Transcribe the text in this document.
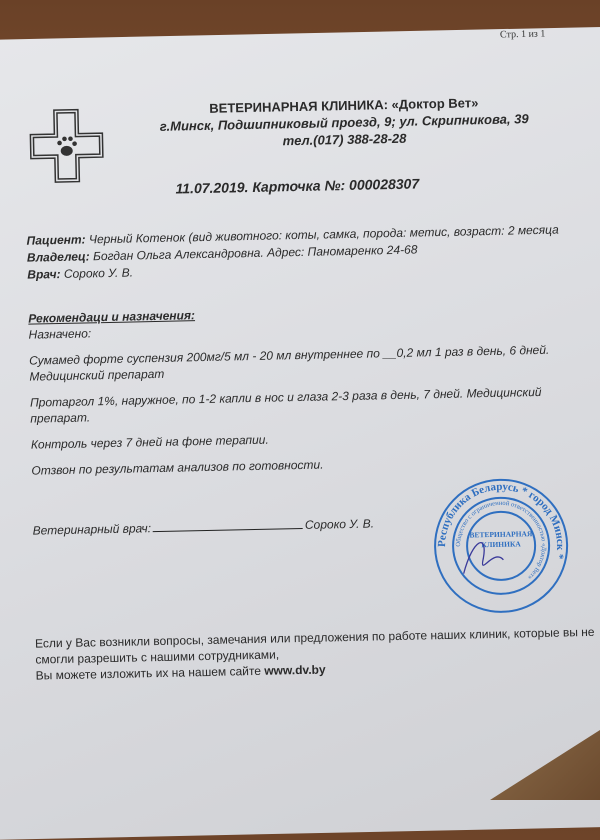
Стр. 1 из 1
ВЕТЕРИНАРНАЯ КЛИНИКА: «Доктор Вет»
г.Минск, Подшипниковый проезд, 9; ул. Скрипникова, 39
тел.(017) 388-28-28
11.07.2019. Карточка №: 000028307
Пациент: Черный Котенок (вид животного: коты, самка, порода: метис, возраст: 2 месяца
Владелец: Богдан Ольга Александровна. Адрес: Паномаренко 24-68
Врач: Сороко У. В.
Рекомендаци и назначения:

Назначено:

Сумамед форте суспензия 200мг/5 мл - 20 мл внутреннее по __0,2 мл 1 раз в день, 6 дней. Медицинский препарат

Протаргол 1%, наружное, по 1-2 капли в нос и глаза 2-3 раза в день, 7 дней. Медицинский препарат.

Контроль через 7 дней на фоне терапии.

Отзвон по результатам анализов по готовности.

Ветеринарный врач:	Сороко У. В.
Республика Беларусь * город Минск *
Общество с ограниченной ответственностью «Доктор Вет»
ВЕТЕРИНАРНАЯ КЛИНИКА
Если у Вас возникли вопросы, замечания или предложения по работе наших клиник, которые вы не смогли разрешить с нашими сотрудниками,
Вы можете изложить их на нашем сайте www.dv.by
